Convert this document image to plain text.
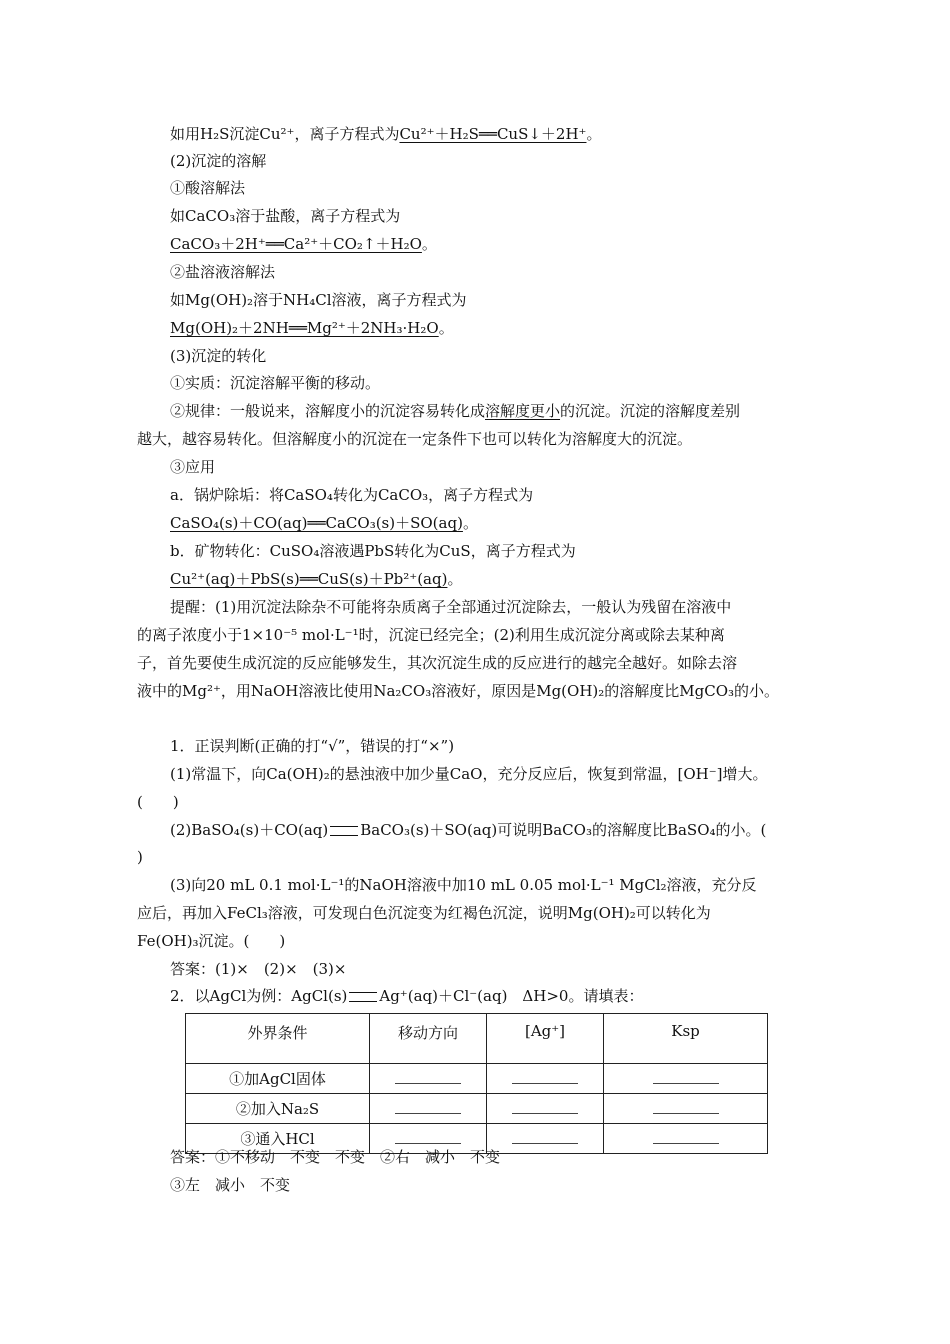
如用H₂S沉淀Cu²⁺，离子方程式为Cu²⁺＋H₂S══CuS↓＋2H⁺。
(2)沉淀的溶解
①酸溶解法
如CaCO₃溶于盐酸，离子方程式为
CaCO₃＋2H⁺══Ca²⁺＋CO₂↑＋H₂O。
②盐溶液溶解法
如Mg(OH)₂溶于NH₄Cl溶液，离子方程式为
Mg(OH)₂＋2NH══Mg²⁺＋2NH₃·H₂O。
(3)沉淀的转化
①实质：沉淀溶解平衡的移动。
②规律：一般说来，溶解度小的沉淀容易转化成溶解度更小的沉淀。沉淀的溶解度差别
越大，越容易转化。但溶解度小的沉淀在一定条件下也可以转化为溶解度大的沉淀。
③应用
a．锅炉除垢：将CaSO₄转化为CaCO₃，离子方程式为
CaSO₄(s)＋CO(aq)══CaCO₃(s)＋SO(aq)。
b．矿物转化：CuSO₄溶液遇PbS转化为CuS，离子方程式为
Cu²⁺(aq)＋PbS(s)══CuS(s)＋Pb²⁺(aq)。
提醒：(1)用沉淀法除杂不可能将杂质离子全部通过沉淀除去，一般认为残留在溶液中
的离子浓度小于1×10⁻⁵ mol·L⁻¹时，沉淀已经完全；(2)利用生成沉淀分离或除去某种离
子，首先要使生成沉淀的反应能够发生，其次沉淀生成的反应进行的越完全越好。如除去溶
液中的Mg²⁺，用NaOH溶液比使用Na₂CO₃溶液好，原因是Mg(OH)₂的溶解度比MgCO₃的小。
1．正误判断(正确的打“√”，错误的打“×”)
(1)常温下，向Ca(OH)₂的悬浊液中加少量CaO，充分反应后，恢复到常温，[OH⁻]增大。
(　　)
(2)BaSO₄(s)＋CO(aq) BaCO₃(s)＋SO(aq)可说明BaCO₃的溶解度比BaSO₄的小。(
)
(3)向20 mL 0.1 mol·L⁻¹的NaOH溶液中加10 mL 0.05 mol·L⁻¹ MgCl₂溶液，充分反
应后，再加入FeCl₃溶液，可发现白色沉淀变为红褐色沉淀，说明Mg(OH)₂可以转化为
Fe(OH)₃沉淀。(　　)
答案：(1)×　(2)×　(3)×
2．以AgCl为例：AgCl(s) Ag⁺(aq)＋Cl⁻(aq)　ΔH>0。请填表：
外界条件	移动方向	[Ag⁺]	Ksp
①加AgCl固体			
②加入Na₂S			
③通入HCl			
答案：①不移动　不变　不变　②右　减小　不变
③左　减小　不变
